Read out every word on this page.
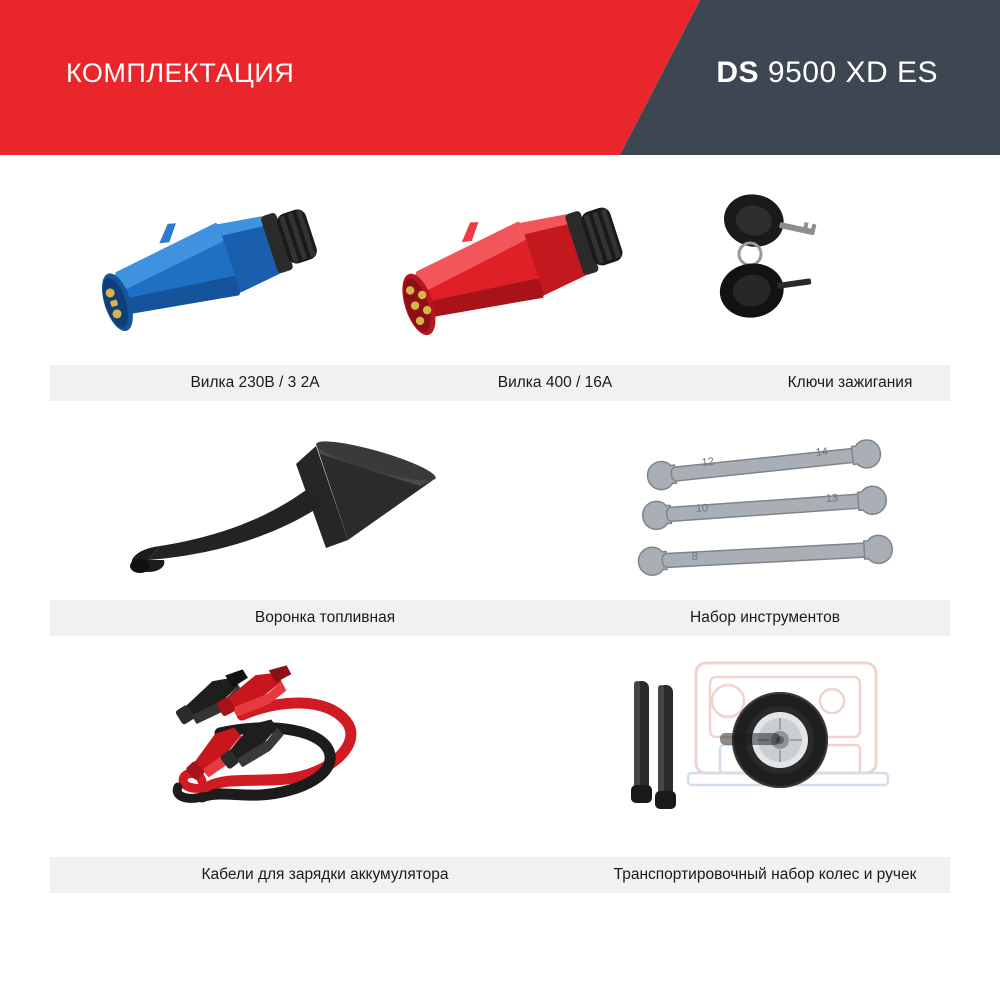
КОМПЛЕКТАЦИЯ	DS 9500 XD ES
Вилка 230В / 3 2А	Вилка 400 / 16А	Ключи зажигания
12
14
10
13
8
Воронка топливная	Набор инструментов
Кабели для зарядки аккумулятора	Транспортировочный набор колес и ручек
